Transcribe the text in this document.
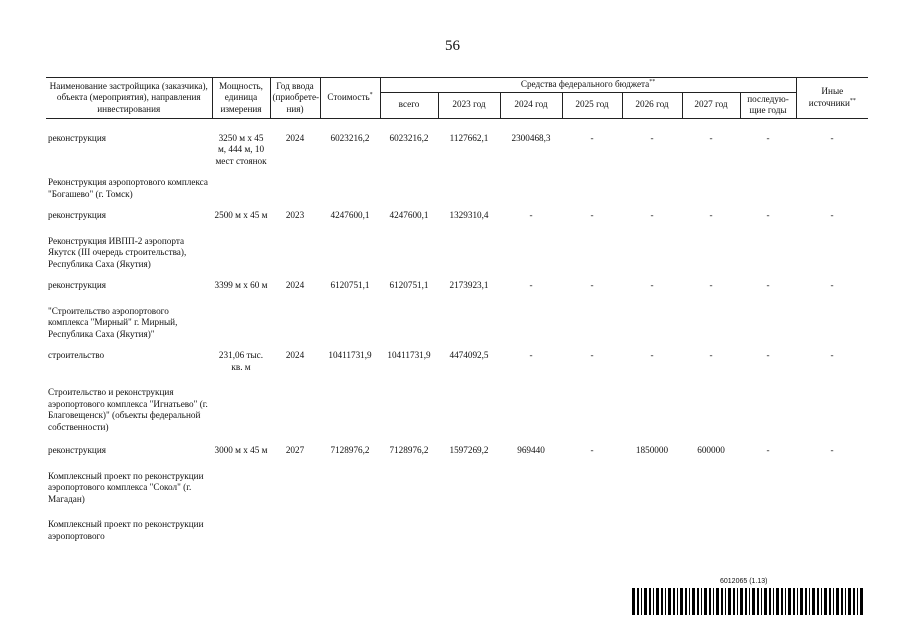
56
Наименование застройщика (заказчика), объекта (мероприятия), направления инвестирования	Мощность, единица измерения	Год ввода (приобрете- ния)	Стоимость*	Средства федерального бюджета**							Иные источники**
				всего	2023 год	2024 год	2025 год	2026 год	2027 год	последую- щие годы	

реконструкция	3250 м х 45 м, 444 м, 10 мест стоянок	2024	6023216,2	6023216,2	1127662,1	2300468,3	-	-	-	-	-

Реконструкция аэропортового комплекса "Богашево" (г. Томск)											

реконструкция	2500 м х 45 м	2023	4247600,1	4247600,1	1329310,4	-	-	-	-	-	-

Реконструкция ИВПП-2 аэропорта Якутск (III очередь строительства), Республика Саха (Якутия)											

реконструкция	3399 м х 60 м	2024	6120751,1	6120751,1	2173923,1	-	-	-	-	-	-

"Строительство аэропортового комплекса "Мирный" г. Мирный, Республика Саха (Якутия)"											

строительство	231,06 тыс. кв. м	2024	10411731,9	10411731,9	4474092,5	-	-	-	-	-	-

Строительство и реконструкция аэропортового комплекса "Игнатьево" (г. Благовещенск)" (объекты федеральной собственности)											

реконструкция	3000 м х 45 м	2027	7128976,2	7128976,2	1597269,2	969440	-	1850000	600000	-	-

Комплексный проект по реконструкции аэропортового комплекса "Сокол" (г. Магадан)											

Комплексный проект по реконструкции аэропортового											
6012065 (1.13)
